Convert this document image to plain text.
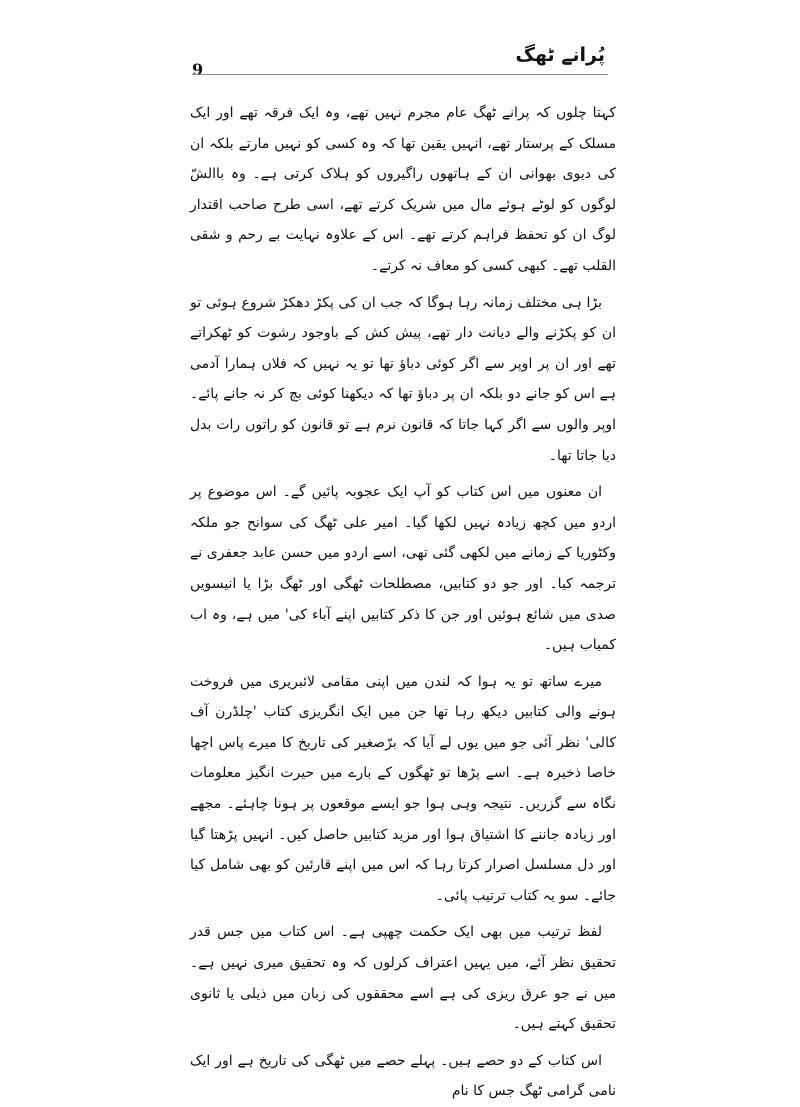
9
پُرانے ٹھگ

کہتا چلوں کہ پرانے ٹھگ عام مجرم نہیں تھے، وہ ایک فرقہ تھے اور ایک مسلک کے پرستار تھے، انہیں یقین تھا کہ وہ کسی کو نہیں مارتے بلکہ ان کی دیوی بھوانی ان کے ہاتھوں راگیروں کو ہلاک کرتی ہے۔ وہ باالشّ لوگوں کو لوٹے ہوئے مال میں شریک کرتے تھے، اسی طرح صاحب اقتدار لوگ ان کو تحفظ فراہم کرتے تھے۔ اس کے علاوہ نہایت بے رحم و شقی القلب تھے۔ کبھی کسی کو معاف نہ کرتے۔

بڑا ہی مختلف زمانہ رہا ہوگا کہ جب ان کی پکڑ دھکڑ شروع ہوئی تو ان کو پکڑنے والے دیانت دار تھے، پیش کش کے باوجود رشوت کو ٹھکراتے تھے اور ان پر اوپر سے اگر کوئی دباؤ تھا تو یہ نہیں کہ فلاں ہمارا آدمی ہے اس کو جانے دو بلکہ ان پر دباؤ تھا کہ دیکھنا کوئی بچ کر نہ جانے پائے۔ اوپر والوں سے اگر کہا جاتا کہ قانون نرم ہے تو قانون کو راتوں رات بدل دیا جاتا تھا۔

ان معنوں میں اس کتاب کو آپ ایک عجوبہ پائیں گے۔ اس موضوع پر اردو میں کچھ زیادہ نہیں لکھا گیا۔ امیر علی ٹھگ کی سوانح جو ملکہ وکٹوریا کے زمانے میں لکھی گئی تھی، اسے اردو میں حسن عابد جعفری نے ترجمہ کیا۔ اور جو دو کتابیں، مصطلحات ٹھگی اور ٹھگ بڑا یا انیسویں صدی میں شائع ہوئیں اور جن کا ذکر کتابیں اپنے آباء کی' میں ہے، وہ اب کمیاب ہیں۔

میرے ساتھ تو یہ ہوا کہ لندن میں اپنی مقامی لائبریری میں فروخت ہونے والی کتابیں دیکھ رہا تھا جن میں ایک انگریزی کتاب 'چلڈرن آف کالی' نظر آئی جو میں یوں لے آیا کہ برّصغیر کی تاریخ کا میرے پاس اچھا خاصا ذخیرہ ہے۔ اسے پڑھا تو ٹھگوں کے بارے میں حیرت انگیز معلومات نگاہ سے گزریں۔ نتیجہ وہی ہوا جو ایسے موقعوں پر ہونا چاہئے۔ مجھے اور زیادہ جاننے کا اشتیاق ہوا اور مزید کتابیں حاصل کیں۔ انہیں پڑھتا گیا اور دل مسلسل اصرار کرتا رہا کہ اس میں اپنے قارئین کو بھی شامل کیا جائے۔ سو یہ کتاب ترتیب پائی۔

لفظ ترتیب میں بھی ایک حکمت چھپی ہے۔ اس کتاب میں جس قدر تحقیق نظر آئے، میں یہیں اعتراف کرلوں کہ وہ تحقیق میری نہیں ہے۔ میں نے جو عرق ریزی کی ہے اسے محققوں کی زبان میں ذیلی یا ثانوی تحقیق کہتے ہیں۔

اس کتاب کے دو حصے ہیں۔ پہلے حصے میں ٹھگی کی تاریخ ہے اور ایک نامی گرامی ٹھگ جس کا نام
